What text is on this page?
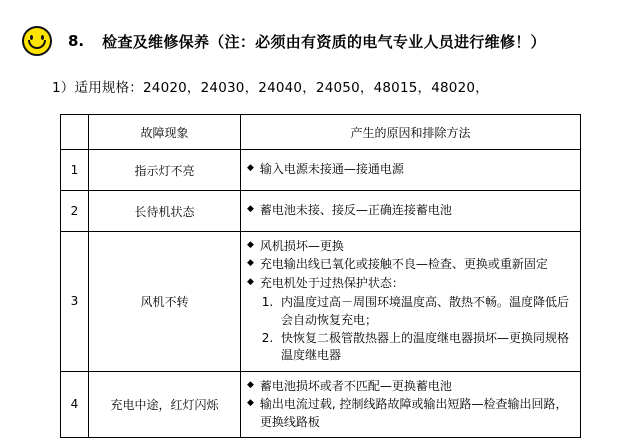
8. 检查及维修保养（注：必须由有资质的电气专业人员进行维修！）
1）适用规格：24020，24030，24040，24050，48015，48020，
	故障现象	产生的原因和排除方法
1	指示灯不亮	◆ 输入电源未接通—接通电源

2	长待机状态	◆ 蓄电池未接、接反—正确连接蓄电池

3	风机不转	
◆ 风机损坏—更换
◆ 充电输出线已氧化或接触不良—检查、更换或重新固定
◆ 充电机处于过热保护状态：
1. 内温度过高－周围环境温度高、散热不畅。温度降低后会自动恢复充电；
2. 快恢复二极管散热器上的温度继电器损坏—更换同规格温度继电器

4	充电中途，红灯闪烁	◆ 蓄电池损坏或者不匹配—更换蓄电池
◆ 输出电流过载, 控制线路故障或输出短路—检查输出回路，更换线路板
